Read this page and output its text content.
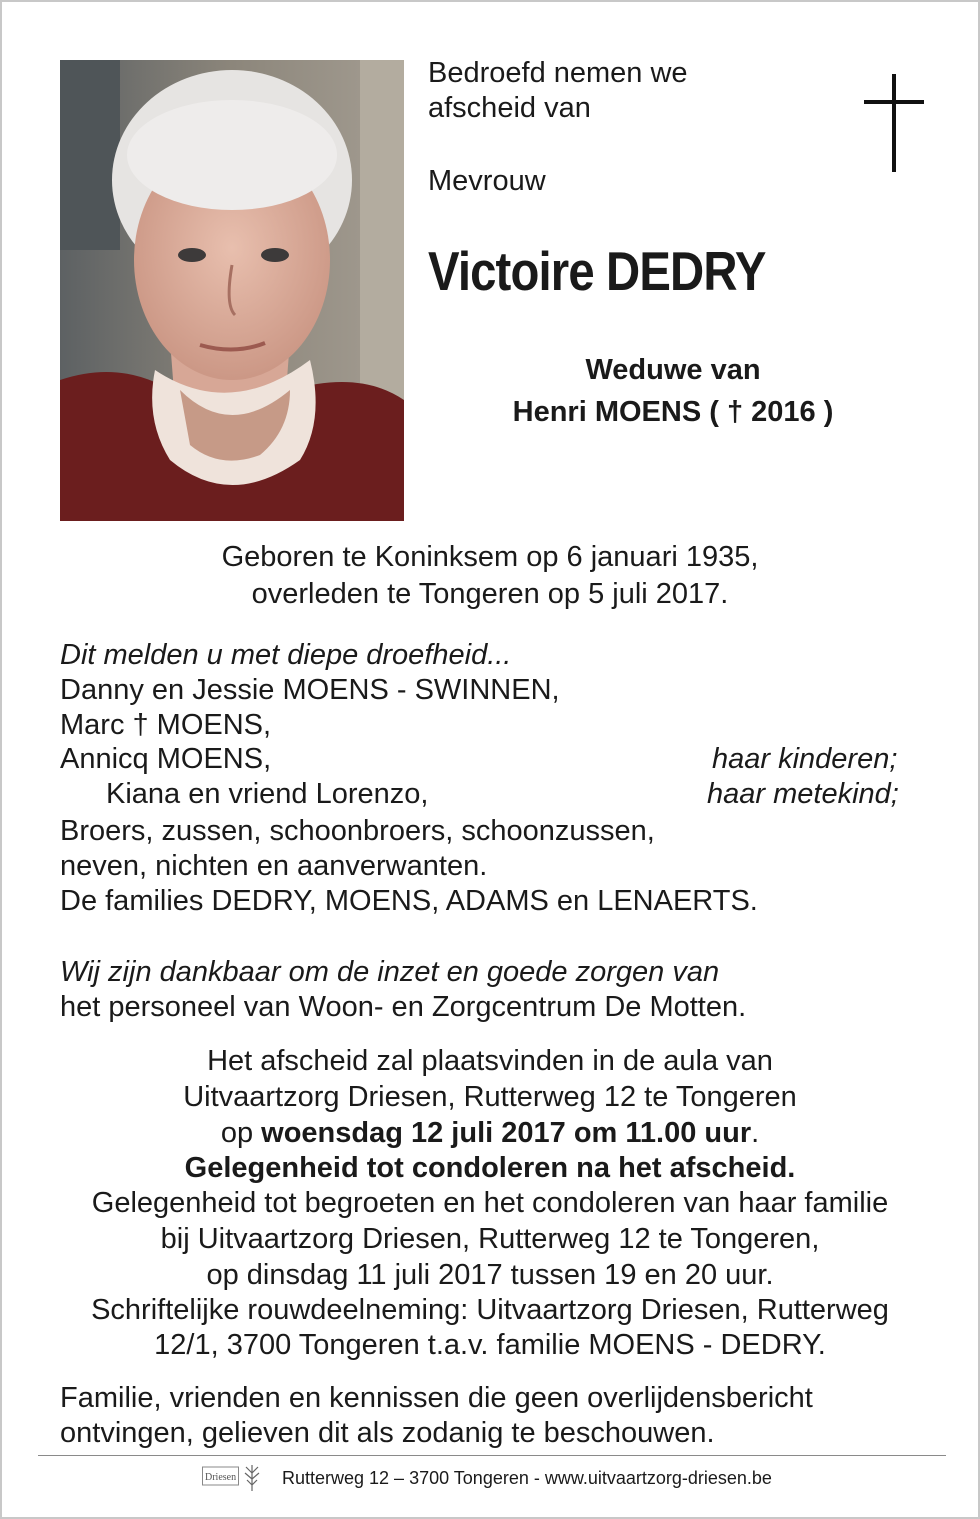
Bedroefd nemen we
afscheid van
Mevrouw
Victoire DEDRY
Weduwe van
Henri MOENS ( † 2016 )
Geboren te Koninksem op 6 januari 1935,
overleden te Tongeren op 5 juli 2017.
Dit melden u met diepe droefheid...
Danny en Jessie MOENS - SWINNEN,
Marc † MOENS,
Annicq MOENS,	haar kinderen;
Kiana en vriend Lorenzo,	haar metekind;
Broers, zussen, schoonbroers, schoonzussen,
neven, nichten en aanverwanten.
De families DEDRY, MOENS, ADAMS en LENAERTS.
Wij zijn dankbaar om de inzet en goede zorgen van
het personeel van Woon- en Zorgcentrum De Motten.
Het afscheid zal plaatsvinden in de aula van
Uitvaartzorg Driesen, Rutterweg 12 te Tongeren
op woensdag 12 juli 2017 om 11.00 uur.
Gelegenheid tot condoleren na het afscheid.
Gelegenheid tot begroeten en het condoleren van haar familie
bij Uitvaartzorg Driesen, Rutterweg 12 te Tongeren,
op dinsdag 11 juli 2017 tussen 19 en 20 uur.
Schriftelijke rouwdeelneming: Uitvaartzorg Driesen, Rutterweg
12/1, 3700 Tongeren t.a.v. familie MOENS - DEDRY.
Familie, vrienden en kennissen die geen overlijdensbericht
ontvingen, gelieven dit als zodanig te beschouwen.
Driesen	Rutterweg 12 – 3700 Tongeren - www.uitvaartzorg-driesen.be
